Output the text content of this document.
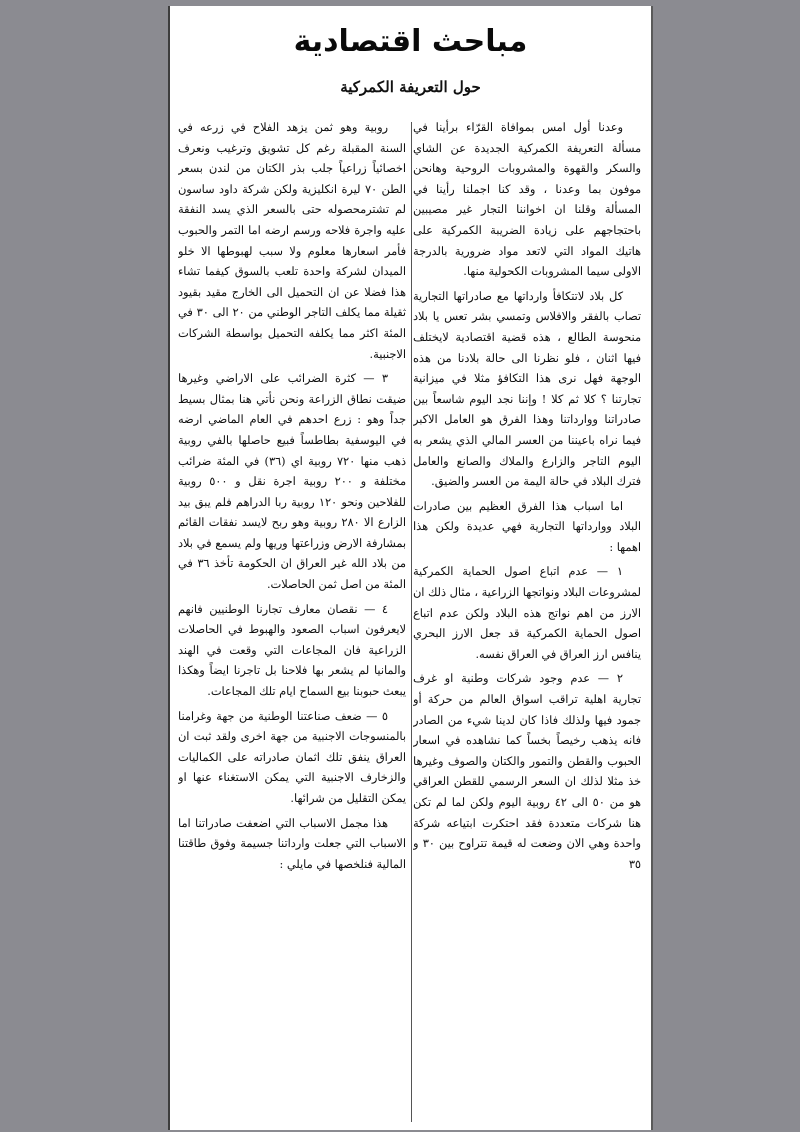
مباحث اقتصادية
حول التعريفة الكمركية

وعدنا أول امس بموافاة القرّاء برأينا في مسألة التعريفة الكمركية الجديدة عن الشاي والسكر والقهوة والمشروبات الروحية وهانحن موفون بما وعدنا ، وقد كنا اجملنا رأينا في المسألة وقلنا ان اخواننا التجار غير مصيبين باحتجاجهم على زيادة الضريبة الكمركية على هاتيك المواد التي لاتعد مواد ضرورية بالدرجة الاولى سيما المشروبات الكحولية منها.

كل بلاد لاتتكافأ وارداتها مع صادراتها التجارية تصاب بالفقر والافلاس وتمسي بشر تعس يا بلاد منحوسة الطالع ، هذه قضية اقتصادية لايختلف فيها اثنان ، فلو نظرنا الى حالة بلادنا من هذه الوجهة فهل نرى هذا التكافؤ مثلا في ميزانية تجارتنا ؟ كلا ثم كلا ! وإننا نجد اليوم شاسعاً بين صادراتنا ووارداتنا وهذا الفرق هو العامل الاكبر فيما نراه باعيننا من العسر المالي الذي يشعر به اليوم التاجر والزارع والملاك والصانع والعامل فترك البلاد في حالة اليمة من العسر والضيق.

اما اسباب هذا الفرق العظيم بين صادرات البلاد ووارداتها التجارية فهي عديدة ولكن هذا اهمها :

١ — عدم اتباع اصول الحماية الكمركية لمشروعات البلاد ونواتجها الزراعية ، مثال ذلك ان الارز من اهم نواتج هذه البلاد ولكن عدم اتباع اصول الحماية الكمركية قد جعل الارز البحري ينافس ارز العراق في العراق نفسه.

٢ — عدم وجود شركات وطنية او غرف تجارية اهلية تراقب اسواق العالم من حركة أو جمود فيها ولذلك فاذا كان لدينا شيء من الصادر فانه يذهب رخيصاً بخساً كما نشاهده في اسعار الحبوب والقطن والتمور والكتان والصوف وغيرها خذ مثلا لذلك ان السعر الرسمي للقطن العراقي هو من ٥٠ الى ٤٢ روبية اليوم ولكن لما لم تكن هنا شركات متعددة فقد احتكرت ابتياعه شركة واحدة وهي الان وضعت له قيمة تتراوح بين ٣٠ و ٣٥

روبية وهو ثمن يزهد الفلاح في زرعه في السنة المقبلة رغم كل تشويق وترغيب ونعرف اخصائياً زراعياً جلب بذر الكتان من لندن بسعر الطن ٧٠ ليرة انكليزية ولكن شركة داود ساسون لم تشترمحصوله حتى بالسعر الذي يسد النفقة عليه واجرة فلاحه ورسم ارضه اما التمر والحبوب فأمر اسعارها معلوم ولا سبب لهبوطها الا خلو الميدان لشركة واحدة تلعب بالسوق كيفما تشاء هذا فضلا عن ان التحميل الى الخارج مقيد بقيود ثقيلة مما يكلف التاجر الوطني من ٢٠ الى ٣٠ في المئة اكثر مما يكلفه التحميل بواسطة الشركات الاجنبية.

٣ — كثرة الضرائب على الاراضي وغيرها ضيقت نطاق الزراعة ونحن نأتي هنا بمثال بسيط جداً وهو : زرع احدهم في العام الماضي ارضه في اليوسفية بطاطساً فبيع حاصلها بالفي روبية ذهب منها ٧٢٠ روبية اي (٣٦) في المئة ضرائب مختلفة و ٢٠٠ روبية اجرة نقل و ٥٠٠ روبية للفلاحين ونحو ١٢٠ روبية ربا الدراهم فلم يبق بيد الزارع الا ٢٨٠ روبية وهو ربح لايسد نفقات القائم بمشارفة الارض وزراعتها وريها ولم يسمع في بلاد من بلاد الله غير العراق ان الحكومة تأخذ ٣٦ في المئة من اصل ثمن الحاصلات.

٤ — نقصان معارف تجارنا الوطنيين فانهم لايعرفون اسباب الصعود والهبوط في الحاصلات الزراعية فان المجاعات التي وقعت في الهند والمانيا لم يشعر بها فلاحنا بل تاجرنا ايضاً وهكذا يبعث حبوبنا بيع السماح ايام تلك المجاعات.

٥ — ضعف صناعتنا الوطنية من جهة وغرامنا بالمنسوجات الاجنبية من جهة اخرى ولقد ثبت ان العراق ينفق تلك اثمان صادراته على الكماليات والزخارف الاجنبية التي يمكن الاستغناء عنها او يمكن التقليل من شرائها.

هذا مجمل الاسباب التي اضعفت صادراتنا اما الاسباب التي جعلت وارداتنا جسيمة وفوق طاقتنا المالية فنلخصها في مايلي :
